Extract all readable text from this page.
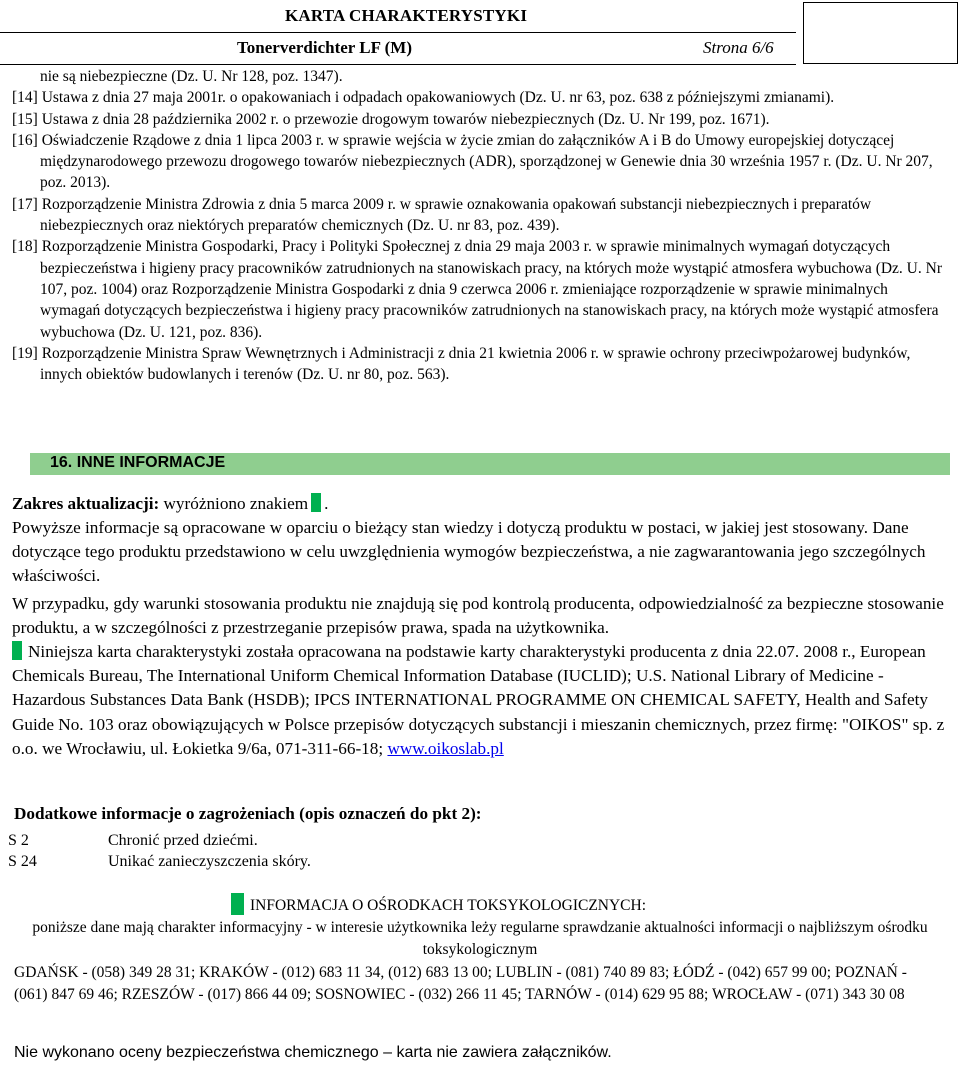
KARTA CHARAKTERYSTYKI
Tonerverdichter LF (M)	Strona 6/6

nie są niebezpieczne (Dz. U. Nr 128, poz. 1347).

[14] Ustawa z dnia 27 maja 2001r. o opakowaniach i odpadach opakowaniowych (Dz. U. nr 63, poz. 638 z późniejszymi zmianami).

[15] Ustawa z dnia 28 października 2002 r. o przewozie drogowym towarów niebezpiecznych (Dz. U. Nr 199, poz. 1671).

[16] Oświadczenie Rządowe z dnia 1 lipca 2003 r. w sprawie wejścia w życie zmian do załączników A i B do Umowy europejskiej dotyczącej międzynarodowego przewozu drogowego towarów niebezpiecznych (ADR), sporządzonej w Genewie dnia 30 września 1957 r. (Dz. U. Nr 207, poz. 2013).

[17] Rozporządzenie Ministra Zdrowia z dnia 5 marca 2009 r. w sprawie oznakowania opakowań substancji niebezpiecznych i preparatów niebezpiecznych oraz niektórych preparatów chemicznych (Dz. U. nr 83, poz. 439).

[18] Rozporządzenie Ministra Gospodarki, Pracy i Polityki Społecznej z dnia 29 maja 2003 r. w sprawie minimalnych wymagań dotyczących bezpieczeństwa i higieny pracy pracowników zatrudnionych na stanowiskach pracy, na których może wystąpić atmosfera wybuchowa (Dz. U. Nr 107, poz. 1004) oraz Rozporządzenie Ministra Gospodarki z dnia 9 czerwca 2006 r. zmieniające rozporządzenie w sprawie minimalnych wymagań dotyczących bezpieczeństwa i higieny pracy pracowników zatrudnionych na stanowiskach pracy, na których może wystąpić atmosfera wybuchowa (Dz. U. 121, poz. 836).

[19] Rozporządzenie Ministra Spraw Wewnętrznych i Administracji z dnia 21 kwietnia 2006 r. w sprawie ochrony przeciwpożarowej budynków, innych obiektów budowlanych i terenów (Dz. U. nr 80, poz. 563).

16. INNE INFORMACJE
Zakres aktualizacji: wyróżniono znakiem .
Powyższe informacje są opracowane w oparciu o bieżący stan wiedzy i dotyczą produktu w postaci, w jakiej jest stosowany. Dane dotyczące tego produktu przedstawiono w celu uwzględnienia wymogów bezpieczeństwa, a nie zagwarantowania jego szczególnych właściwości.
W przypadku, gdy warunki stosowania produktu nie znajdują się pod kontrolą producenta, odpowiedzialność za bezpieczne stosowanie produktu, a w szczególności z przestrzeganie przepisów prawa, spada na użytkownika.
Niniejsza karta charakterystyki została opracowana na podstawie karty charakterystyki producenta z dnia 22.07. 2008 r., European Chemicals Bureau, The International Uniform Chemical Information Database (IUCLID); U.S. National Library of Medicine - Hazardous Substances Data Bank (HSDB); IPCS INTERNATIONAL PROGRAMME ON CHEMICAL SAFETY, Health and Safety Guide No. 103 oraz obowiązujących w Polsce przepisów dotyczących substancji i mieszanin chemicznych, przez firmę: "OIKOS" sp. z o.o. we Wrocławiu, ul. Łokietka 9/6a, 071-311-66-18; www.oikoslab.pl
Dodatkowe informacje o zagrożeniach (opis oznaczeń do pkt 2):
S 2	Chronić przed dziećmi.
S 24	Unikać zanieczyszczenia skóry.
INFORMACJA O OŚRODKACH TOKSYKOLOGICZNYCH:
poniższe dane mają charakter informacyjny - w interesie użytkownika leży regularne sprawdzanie aktualności informacji o najbliższym ośrodku toksykologicznym
GDAŃSK - (058) 349 28 31; KRAKÓW - (012) 683 11 34, (012) 683 13 00; LUBLIN - (081) 740 89 83; ŁÓDŹ - (042) 657 99 00; POZNAŃ - (061) 847 69 46; RZESZÓW - (017) 866 44 09; SOSNOWIEC - (032) 266 11 45; TARNÓW - (014) 629 95 88; WROCŁAW - (071) 343 30 08
Nie wykonano oceny bezpieczeństwa chemicznego – karta nie zawiera załączników.
